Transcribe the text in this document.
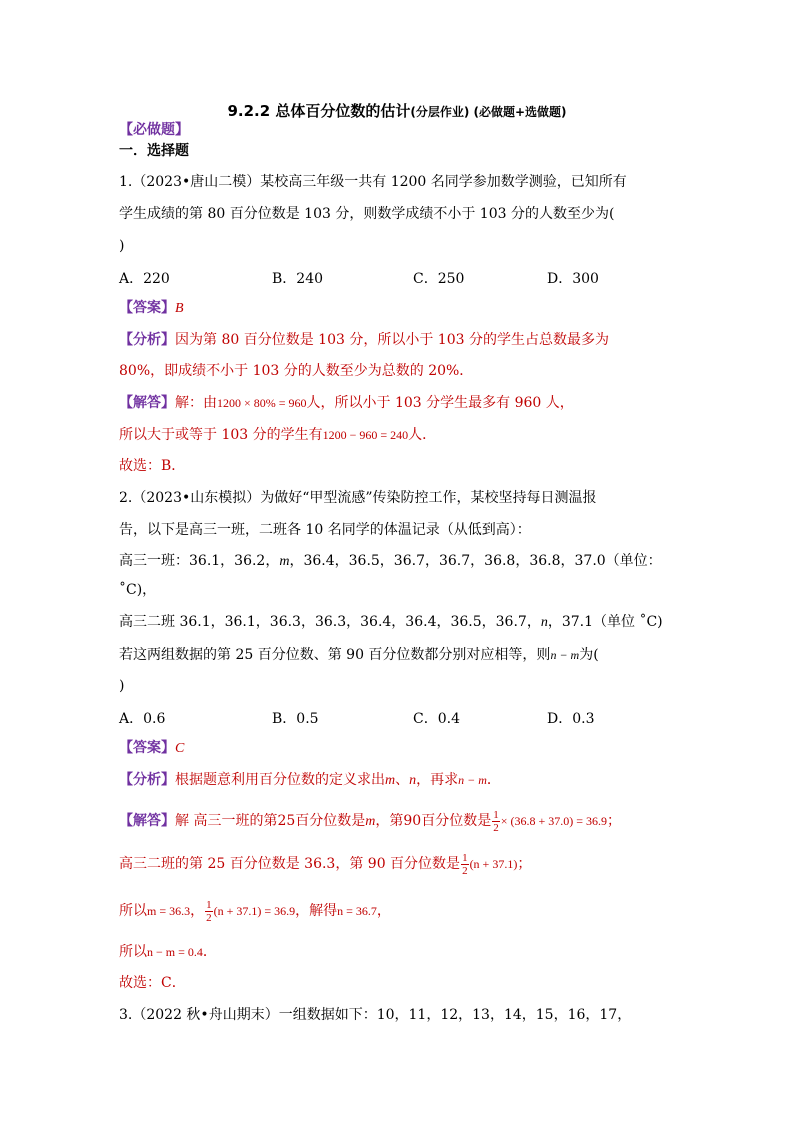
9.2.2 总体百分位数的估计(分层作业) (必做题+选做题)
【必做题】
一．选择题
1.（2023•唐山二模）某校高三年级一共有 1200 名同学参加数学测验，已知所有
学生成绩的第 80 百分位数是 103 分，则数学成绩不小于 103 分的人数至少为(
)
A．220	B．240	C．250	D．300
【答案】B
【分析】因为第 80 百分位数是 103 分，所以小于 103 分的学生占总数最多为
80%，即成绩不小于 103 分的人数至少为总数的 20%．
【解答】解：由1200 × 80% = 960人，所以小于 103 分学生最多有 960 人，
所以大于或等于 103 分的学生有1200 − 960 = 240人．
故选：B．
2.（2023•山东模拟）为做好“甲型流感”传染防控工作，某校坚持每日测温报
告，以下是高三一班，二班各 10 名同学的体温记录（从低到高）：
高三一班：36.1，36.2，m，36.4，36.5，36.7，36.7，36.8，36.8，37.0（单位：
˚C)，
高三二班 36.1，36.1，36.3，36.3，36.4，36.4，36.5，36.7，n，37.1（单位 ˚C)
若这两组数据的第 25 百分位数、第 90 百分位数都分别对应相等，则n − m为(
)
A．0.6	B．0.5	C．0.4	D．0.3
【答案】C
【分析】根据题意利用百分位数的定义求出m、n，再求n − m．
【解答】解 高三一班的第25百分位数是m，第90百分位数是 $\frac{1}{2} \times (36.8 + 37.0) = 36.9$；
高三二班的第 25 百分位数是 36.3，第 90 百分位数是 $\frac{1}{2} (n + 37.1)$；
所以m = 36.3， $\frac{1}{2} (n + 37.1) = 36.9$，解得n = 36.7，
所以n − m = 0.4．
故选：C．
3.（2022 秋•舟山期末）一组数据如下：10，11，12，13，14，15，16，17，
